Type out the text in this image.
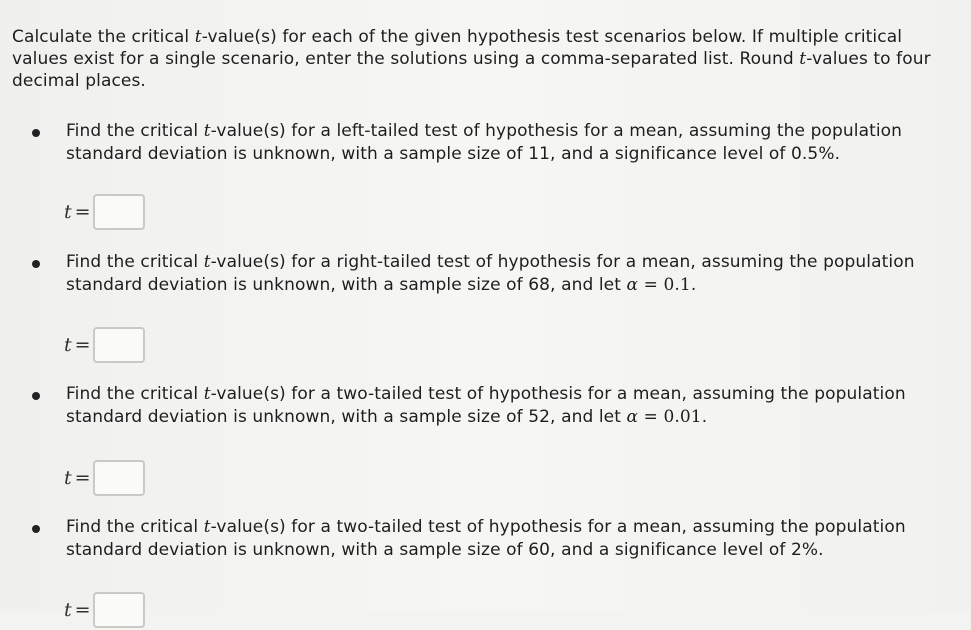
Calculate the critical t-value(s) for each of the given hypothesis test scenarios below. If multiple critical values exist for a single scenario, enter the solutions using a comma-separated list. Round t-values to four decimal places.
Find the critical t-value(s) for a left-tailed test of hypothesis for a mean, assuming the population standard deviation is unknown, with a sample size of 11, and a significance level of 0.5%.
t =
Find the critical t-value(s) for a right-tailed test of hypothesis for a mean, assuming the population standard deviation is unknown, with a sample size of 68, and let α = 0.1.
t =
Find the critical t-value(s) for a two-tailed test of hypothesis for a mean, assuming the population standard deviation is unknown, with a sample size of 52, and let α = 0.01.
t =
Find the critical t-value(s) for a two-tailed test of hypothesis for a mean, assuming the population standard deviation is unknown, with a sample size of 60, and a significance level of 2%.
t =
